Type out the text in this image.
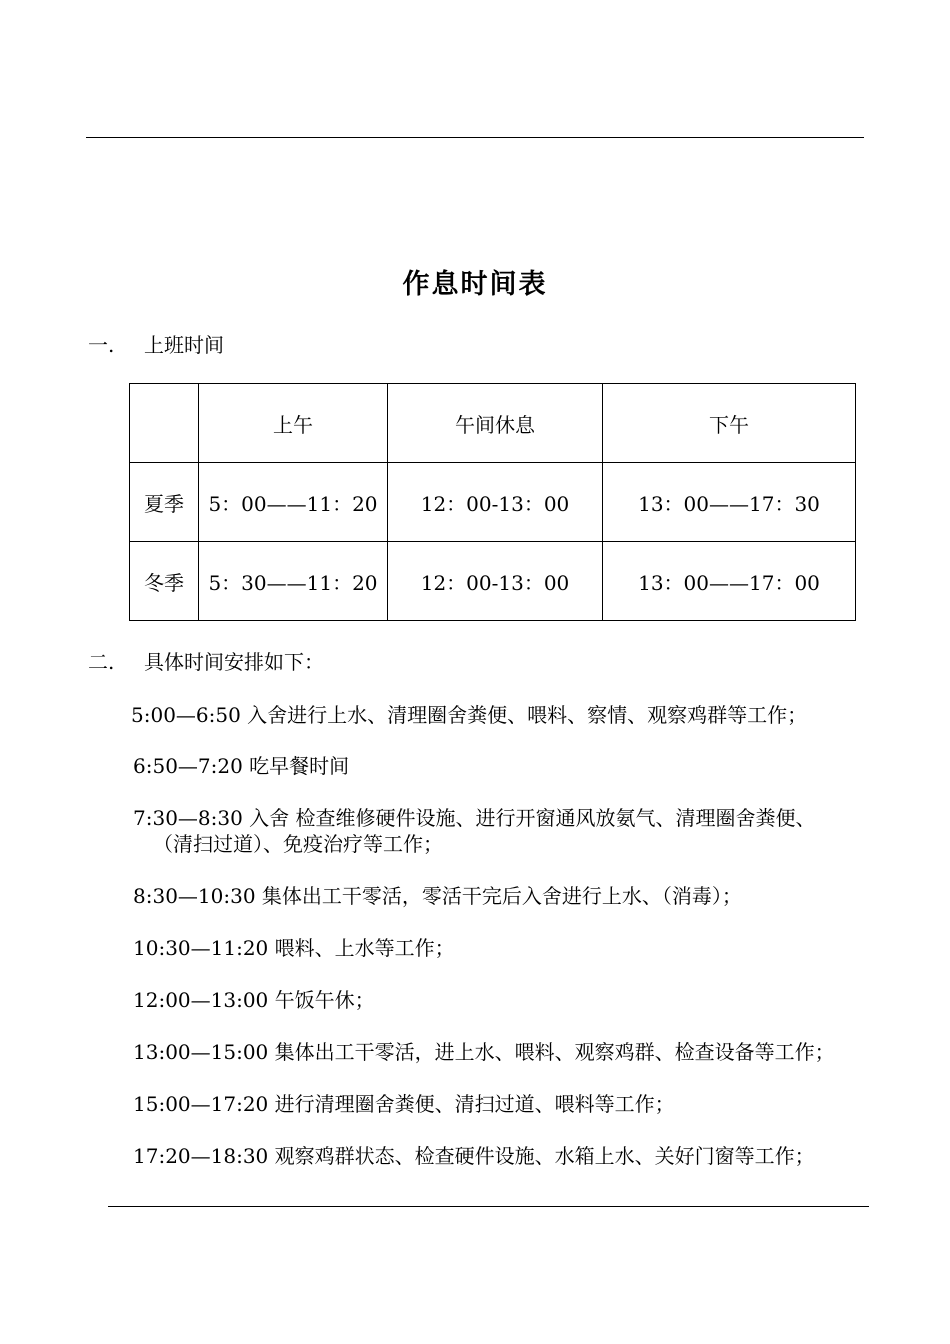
作息时间表
一. 上班时间
	上午	午间休息	下午
夏季	5：00——11：20	12：00-13：00	13：00——17：30
冬季	5：30——11：20	12：00-13：00	13：00——17：00
二. 具体时间安排如下：
5:00—6:50 入舍进行上水、清理圈舍粪便、喂料、察情、观察鸡群等工作；
6:50—7:20 吃早餐时间
7:30—8:30 入舍 检查维修硬件设施、进行开窗通风放氨气、清理圈舍粪便、
（清扫过道）、免疫治疗等工作；
8:30—10:30 集体出工干零活，零活干完后入舍进行上水、（消毒）；
10:30—11:20 喂料、上水等工作；
12:00—13:00 午饭午休；
13:00—15:00 集体出工干零活，进上水、喂料、观察鸡群、检查设备等工作；
15:00—17:20 进行清理圈舍粪便、清扫过道、喂料等工作；
17:20—18:30 观察鸡群状态、检查硬件设施、水箱上水、关好门窗等工作；
